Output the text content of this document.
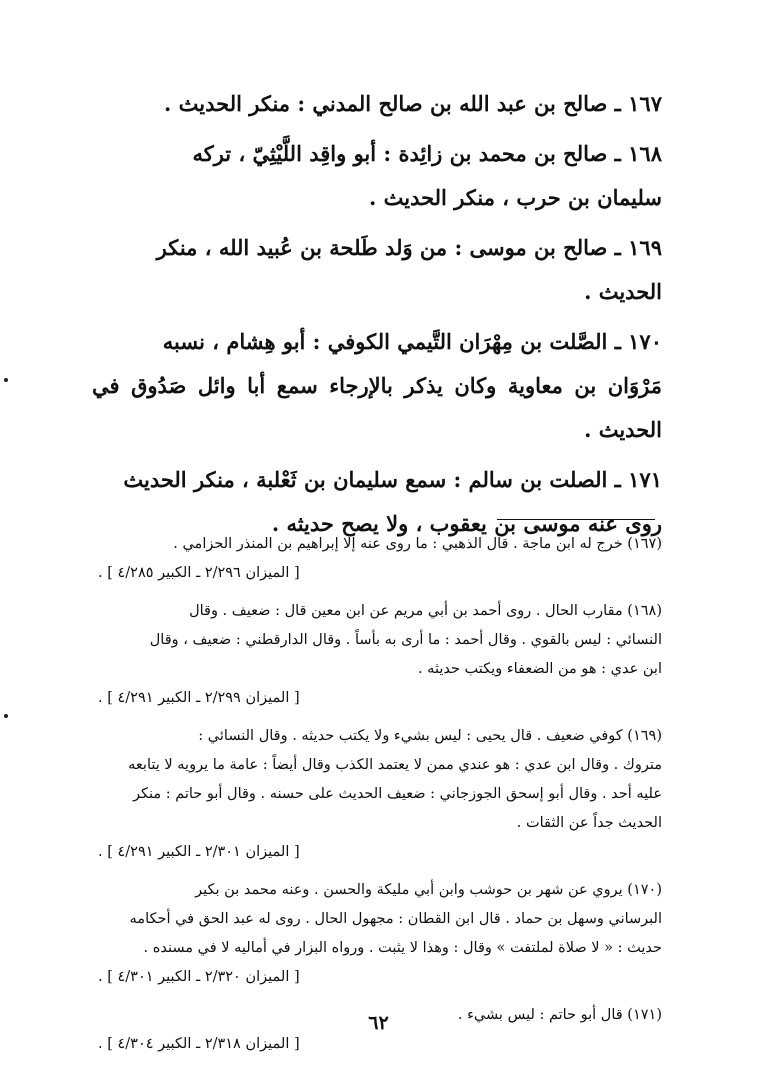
١٦٧ ـ صالح بن عبد الله بن صالح المدني : منكر الحديث .

١٦٨ ـ صالح بن محمد بن زائِدة : أبو واقِد اللَّيْثِيّ ، تركه

سليمان بن حرب ، منكر الحديث .

١٦٩ ـ صالح بن موسى : من وَلد طَلحة بن عُبيد الله ، منكر

الحديث .

١٧٠ ـ الصَّلت بن مِهْرَان التَّيمي الكوفي : أبو هِشام ، نسبه

مَرْوَان بن معاوية وكان يذكر بالإرجاء سمع أبا وائل صَدُوق في الحديث .

١٧١ ـ الصلت بن سالم : سمع سليمان بن ثَعْلبة ، منكر الحديث

روى عنه موسى بن يعقوب ، ولا يصح حديثه .

(١٦٧) خرج له ابن ماجة . قال الذهبي : ما روى عنه إلا إبراهيم بن المنذر الحزامي .
[ الميزان ٢/٢٩٦ ـ الكبير ٤/٢٨٥ ] .
(١٦٨) مقارب الحال . روى أحمد بن أبي مريم عن ابن معين قال : ضعيف . وقال
النسائي : ليس بالقوي . وقال أحمد : ما أرى به بأساً . وقال الدارقطني : ضعيف ، وقال
ابن عدي : هو من الضعفاء ويكتب حديثه .
[ الميزان ٢/٢٩٩ ـ الكبير ٤/٢٩١ ] .
(١٦٩) كوفي ضعيف . قال يحيى : ليس بشيء ولا يكتب حديثه . وقال النسائي :
متروك . وقال ابن عدي : هو عندي ممن لا يعتمد الكذب وقال أيضاً : عامة ما يرويه لا يتابعه
عليه أحد . وقال أبو إسحق الجوزجاني : ضعيف الحديث على حسنه . وقال أبو حاتم : منكر
الحديث جداً عن الثقات .
[ الميزان ٢/٣٠١ ـ الكبير ٤/٢٩١ ] .
(١٧٠) يروي عن شهر بن حوشب وابن أبي مليكة والحسن . وعنه محمد بن بكير
البرساني وسهل بن حماد . قال ابن القطان : مجهول الحال . روى له عبد الحق في أحكامه
حديث : « لا صلاة لملتفت » وقال : وهذا لا يثبت . ورواه البزار في أماليه لا في مسنده .
[ الميزان ٢/٣٢٠ ـ الكبير ٤/٣٠١ ] .
(١٧١) قال أبو حاتم : ليس بشيء .
[ الميزان ٢/٣١٨ ـ الكبير ٤/٣٠٤ ] .
٦٢
